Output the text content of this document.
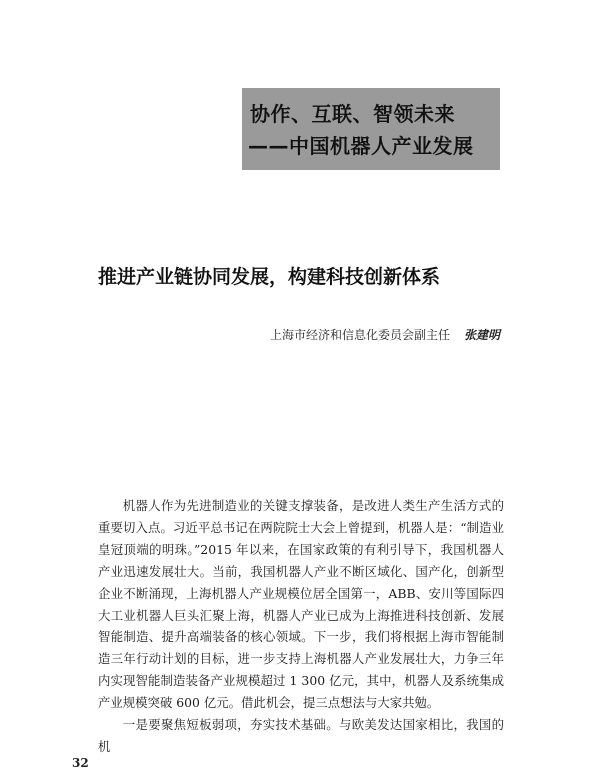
协作、互联、智领未来
——中国机器人产业发展
推进产业链协同发展，构建科技创新体系
上海市经济和信息化委员会副主任 张建明

机器人作为先进制造业的关键支撑装备，是改进人类生产生活方式的重要切入点。习近平总书记在两院院士大会上曾提到，机器人是：“制造业皇冠顶端的明珠。”2015 年以来，在国家政策的有利引导下，我国机器人产业迅速发展壮大。当前，我国机器人产业不断区域化、国产化，创新型企业不断涌现，上海机器人产业规模位居全国第一，ABB、安川等国际四大工业机器人巨头汇聚上海，机器人产业已成为上海推进科技创新、发展智能制造、提升高端装备的核心领域。下一步，我们将根据上海市智能制造三年行动计划的目标，进一步支持上海机器人产业发展壮大，力争三年内实现智能制造装备产业规模超过 1 300 亿元，其中，机器人及系统集成产业规模突破 600 亿元。借此机会，提三点想法与大家共勉。

一是要聚焦短板弱项，夯实技术基础。与欧美发达国家相比，我国的机

32
